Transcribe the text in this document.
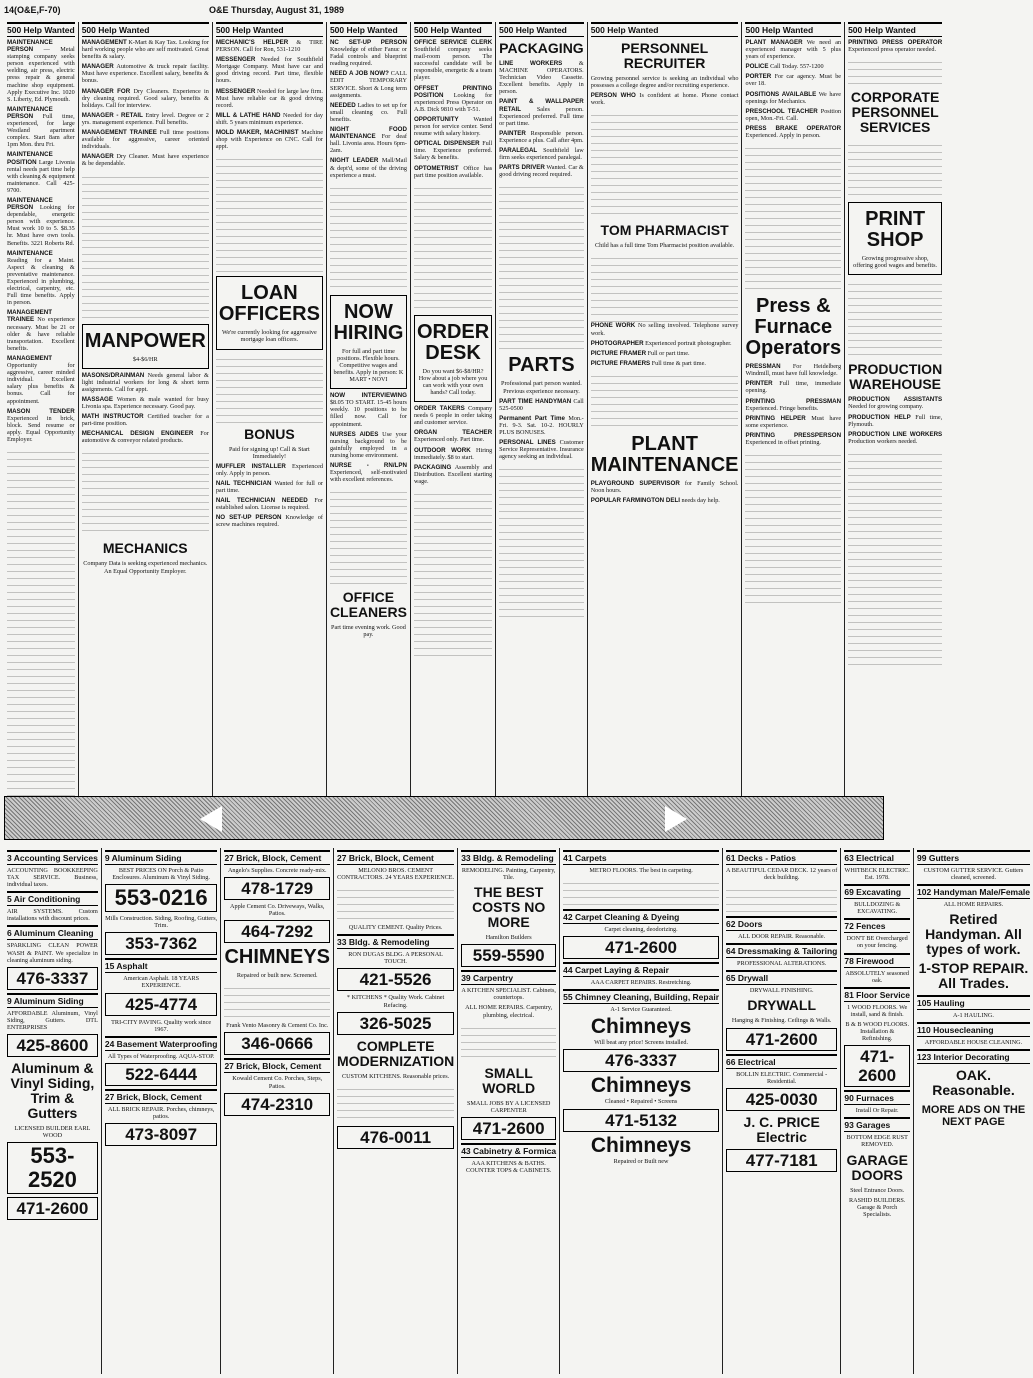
14(O&E,F-70)	O&E Thursday, August 31, 1989
500 Help Wanted
MAINTENANCE PERSON — Metal stamping company seeks person experienced with welding, air press, electric press repair & general machine shop equipment. Apply Executive Inc. 1020 S. Liberty, Ed. Plymouth.
MAINTENANCE PERSON Full time, experienced, for large Westland apartment complex. Start 8am after 1pm Mon. thru Fri.
MAINTENANCE POSITION Large Livonia rental needs part time help with cleaning & equipment maintenance. Call 425-9700.
MAINTENANCE PERSON Looking for dependable, energetic person with experience. Must work 10 to 5. $8.35 hr. Must have own tools. Benefits. 3221 Roberts Rd.
MAINTENANCE Reading for a Maint. Aspect & cleaning & preventative maintenance. Experienced in plumbing, electrical, carpentry, etc. Full time benefits. Apply in person.
MANAGEMENT TRAINEE No experience necessary. Must be 21 or older & have reliable transportation. Excellent benefits.
MANAGEMENT Opportunity for aggressive, career minded individual. Excellent salary plus benefits & bonus. Call for appointment.
MASON TENDER Experienced in brick, block. Send resume or apply. Equal Opportunity Employer.
500 Help Wanted
MANAGEMENT K-Mart & Kay Tax. Looking for hard working people who are self motivated. Great benefits & salary.
MANAGER Automotive & truck repair facility. Must have experience. Excellent salary, benefits & bonus.
MANAGER FOR Dry Cleaners. Experience in dry cleaning required. Good salary, benefits & holidays. Call for interview.
MANAGER - RETAIL Entry level. Degree or 2 yrs. management experience. Full benefits.
MANAGEMENT TRAINEE Full time positions available for aggressive, career oriented individuals.
MANAGER Dry Cleaner. Must have experience & be dependable.
MANPOWER
$4-$6/HR
MASONS/DRAINMAN Needs general labor & light industrial workers for long & short term assignments. Call for appt.
MASSAGE Women & male wanted for busy Livonia spa. Experience necessary. Good pay.
MATH INSTRUCTOR Certified teacher for a part-time position.
MECHANICAL DESIGN ENGINEER For automotive & conveyor related products.
MECHANICS
Company Data is seeking experienced mechanics. An Equal Opportunity Employer.
500 Help Wanted
MECHANIC'S HELPER & TIRE PERSON. Call for Ron, 531-1210
MESSENGER Needed for Southfield Mortgage Company. Must have car and good driving record. Part time, flexible hours.
MESSENGER Needed for large law firm. Must have reliable car & good driving record.
MILL & LATHE HAND Needed for day shift. 5 years minimum experience.
MOLD MAKER, MACHINIST Machine shop with Experience on CNC. Call for appt.
LOAN OFFICERS
We're currently looking for aggressive mortgage loan officers.
BONUS
Paid for signing up! Call & Start Immediately!
MUFFLER INSTALLER Experienced only. Apply in person.
NAIL TECHNICIAN Wanted for full or part time.
NAIL TECHNICIAN NEEDED For established salon. License is required.
NO SET-UP PERSON Knowledge of screw machines required.
500 Help Wanted
NC SET-UP PERSON Knowledge of either Fanuc or Fadal controls and blueprint reading required.
NEED A JOB NOW? CALL EDIT TEMPORARY SERVICE. Short & Long term assignments.
NEEDED Ladies to set up for small cleaning co. Full benefits.
NIGHT FOOD MAINTENANCE For deaf hall. Livonia area. Hours 6pm-2am.
NIGHT LEADER Mall/Mail & dept'd, some of the driving experience a must.
NOW HIRING
For full and part time positions. Flexible hours. Competitive wages and benefits. Apply in person: K MART • NOVI
NOW INTERVIEWING $8.05 TO START. 15-45 hours weekly. 10 positions to be filled now. Call for appointment.
NURSES AIDES Use your nursing background to be gainfully employed in a nursing home environment.
NURSE - RN/LPN Experienced, self-motivated with excellent references.
OFFICE CLEANERS
Part time evening work. Good pay.
500 Help Wanted
OFFICE SERVICE CLERK Southfield company seeks mail-room person. The successful candidate will be responsible, energetic & a team player.
OFFSET PRINTING POSITION Looking for experienced Press Operator on A.B. Dick 9810 with T-51.
OPPORTUNITY Wanted person for service center. Send resume with salary history.
OPTICAL DISPENSER Full time. Experience preferred. Salary & benefits.
OPTOMETRIST Office has part time position available.
ORDER DESK
Do you want $6-$8/HR? How about a job where you can work with your own hands? Call today.
ORDER TAKERS Company needs 6 people in order taking and customer service.
ORGAN TEACHER Experienced only. Part time.
OUTDOOR WORK Hiring immediately. $8 to start.
PACKAGING Assembly and Distribution. Excellent starting wage.
500 Help Wanted
PACKAGING
LINE WORKERS	& MACHINE OPERATORS. Technician Video Cassette. Excellent benefits. Apply in person.
PAINT & WALLPAPER RETAIL	Sales person. Experienced preferred. Full time or part time.
PAINTER Responsible person. Experience a plus. Call after 4pm.
PARALEGAL Southfield law firm seeks experienced paralegal.
PARTS DRIVER Wanted. Car & good driving record required.
PARTS
Professional part person wanted. Previous experience necessary.
PART TIME HANDYMAN Call 525-0500
Permanent Part Time Mon.-Fri. 9-3. Sat. 10-2. HOURLY PLUS BONUSES.
PERSONAL LINES Customer Service Representative. Insurance agency seeking an individual.
500 Help Wanted
PERSONNEL RECRUITER
Growing personnel service is seeking an individual who possesses a college degree and/or recruiting experience.
PERSON WHO Is confident at home. Phone contact work.
TOM PHARMACIST
Child has a full time Tom Pharmacist position available.
PHONE WORK No selling involved. Telephone survey work.
PHOTOGRAPHER Experienced portrait photographer.
PICTURE FRAMER Full or part time.
PICTURE FRAMERS Full time & part time.
PLANT MAINTENANCE
PLAYGROUND SUPERVISOR for Family School. Noon hours.
POPULAR FARMINGTON DELI needs day help.
500 Help Wanted
PLANT MANAGER We need an experienced manager with 5 plus years of experience.
POLICE Call Today. 557-1200
PORTER For car agency. Must be over 18.
POSITIONS AVAILABLE We have openings for Mechanics.
PRESCHOOL TEACHER Position open, Mon.-Fri. Call.
PRESS BRAKE OPERATOR Experienced. Apply in person.
Press & Furnace Operators
PRESSMAN For Heidelberg Windmill, must have full knowledge.
PRINTER Full time, immediate opening.
PRINTING PRESSMAN Experienced. Fringe benefits.
PRINTING HELPER Must have some experience.
PRINTING PRESSPERSON Experienced in offset printing.
500 Help Wanted
PRINTING PRESS OPERATOR Experienced press operator needed.
CORPORATE PERSONNEL SERVICES
PRINT SHOP
Growing progressive shop, offering good wages and benefits.
PRODUCTION WAREHOUSE
PRODUCTION ASSISTANTS Needed for growing company.
PRODUCTION HELP Full time, Plymouth.
PRODUCTION LINE WORKERS Production workers needed.
3 Accounting Services
ACCOUNTING BOOKKEEPING TAX SERVICE. Business, individual taxes.
5 Air Conditioning
AIR SYSTEMS. Custom installations with discount prices.
6 Aluminum Cleaning
SPARKLING CLEAN POWER WASH & PAINT. We specialize in cleaning aluminum siding.
476-3337
9 Aluminum Siding
AFFORDABLE Aluminum, Vinyl Siding, Gutters. DTL ENTERPRISES
425-8600
Aluminum & Vinyl Siding, Trim & Gutters
LICENSED BUILDER EARL WOOD
553-2520
471-2600
9 Aluminum Siding
BEST PRICES ON Porch & Patio Enclosures. Aluminum & Vinyl Siding.
553-0216
Mills Construction. Siding, Roofing, Gutters, Trim.
353-7362
15 Asphalt
American Asphalt. 18 YEARS EXPERIENCE.
425-4774
TRI-CITY PAVING. Quality work since 1967.
24 Basement Waterproofing
All Types of Waterproofing. AQUA-STOP.
522-6444
27 Brick, Block, Cement
ALL BRICK REPAIR. Porches, chimneys, patios.
473-8097
27 Brick, Block, Cement
Angelo's Supplies. Concrete ready-mix.
478-1729
Apple Cement Co. Driveways, Walks, Patios.
464-7292
CHIMNEYS
Repaired or built new. Screened.
Frank Vento Masonry & Cement Co. Inc.
346-0666
27 Brick, Block, Cement
Kowald Cement Co. Porches, Steps, Patios.
474-2310
27 Brick, Block, Cement
MELONIO BROS. CEMENT CONTRACTORS. 24 YEARS EXPERIENCE.
QUALITY CEMENT. Quality Prices.
33 Bldg. & Remodeling
RON DUGAS BLDG. A PERSONAL TOUCH.
421-5526
* KITCHENS * Quality Work. Cabinet Refacing.
326-5025
COMPLETE MODERNIZATION
CUSTOM KITCHENS. Reasonable prices.
476-0011
33 Bldg. & Remodeling
REMODELING. Painting, Carpentry, Tile.
THE BEST COSTS NO MORE
Hamilton Builders
559-5590
39 Carpentry
A KITCHEN SPECIALIST. Cabinets, countertops.
ALL HOME REPAIRS. Carpentry, plumbing, electrical.
SMALL WORLD
SMALL JOBS BY A LICENSED CARPENTER
471-2600
43 Cabinetry & Formica
AAA KITCHENS & BATHS. COUNTER TOPS & CABINETS.
41 Carpets
METRO FLOORS. The best in carpeting.
42 Carpet Cleaning & Dyeing
Carpet cleaning, deodorizing.
471-2600
44 Carpet Laying & Repair
AAA CARPET REPAIRS. Restretching.
55 Chimney Cleaning, Building, Repair
A-1 Service Guaranteed.
Chimneys
Will beat any price! Screens installed.
476-3337
Chimneys
Cleaned • Repaired • Screens
471-5132
Chimneys
Repaired or Built new
61 Decks - Patios
A BEAUTIFUL CEDAR DECK. 12 years of deck building.
62 Doors
ALL DOOR REPAIR. Reasonable.
64 Dressmaking & Tailoring
PROFESSIONAL ALTERATIONS.
65 Drywall
DRYWALL FINISHING.
DRYWALL
Hanging & Finishing. Ceilings & Walls.
471-2600
66 Electrical
BOLLIN ELECTRIC. Commercial - Residential.
425-0030
J. C. PRICE Electric
477-7181
63 Electrical
WHITBECK ELECTRIC. Est. 1978.
69 Excavating
BULLDOZING & EXCAVATING.
72 Fences
DON'T BE Overcharged on your fencing.
78 Firewood
ABSOLUTELY seasoned oak.
81 Floor Service
1 WOOD FLOORS. We install, sand & finish.
B & B WOOD FLOORS. Installation & Refinishing.
471-2600
90 Furnaces
Install Or Repair.
93 Garages
BOTTOM EDGE RUST REMOVED.
GARAGE DOORS
Steel Entrance Doors.
RASHID BUILDERS. Garage & Porch Specialists.
99 Gutters
CUSTOM GUTTER SERVICE. Gutters cleaned, screened.
102 Handyman Male/Female
ALL HOME REPAIRS.
Retired Handyman. All types of work.
1-STOP REPAIR. All Trades.
105 Hauling
A-1 HAULING.
110 Housecleaning
AFFORDABLE HOUSE CLEANING.
123 Interior Decorating
OAK. Reasonable.
MORE ADS ON THE NEXT PAGE
